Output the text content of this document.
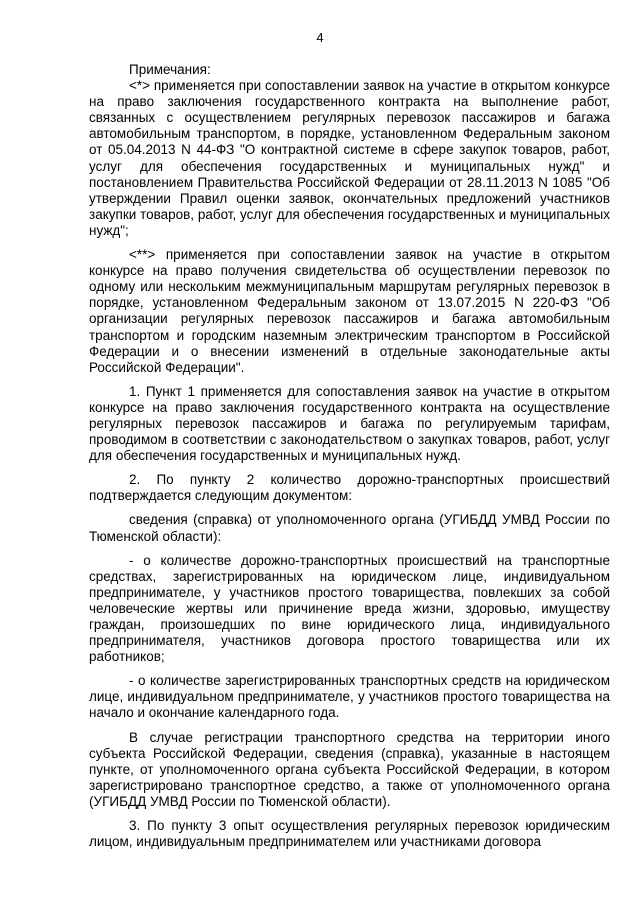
4

Примечания:

<*> применяется при сопоставлении заявок на участие в открытом конкурсе на право заключения государственного контракта на выполнение работ, связанных с осуществлением регулярных перевозок пассажиров и багажа автомобильным транспортом, в порядке, установленном Федеральным законом от 05.04.2013 N 44-ФЗ "О контрактной системе в сфере закупок товаров, работ, услуг для обеспечения государственных и муниципальных нужд" и постановлением Правительства Российской Федерации от 28.11.2013 N 1085 "Об утверждении Правил оценки заявок, окончательных предложений участников закупки товаров, работ, услуг для обеспечения государственных и муниципальных нужд";

<**> применяется при сопоставлении заявок на участие в открытом конкурсе на право получения свидетельства об осуществлении перевозок по одному или нескольким межмуниципальным маршрутам регулярных перевозок в порядке, установленном Федеральным законом от 13.07.2015 N 220-ФЗ "Об организации регулярных перевозок пассажиров и багажа автомобильным транспортом и городским наземным электрическим транспортом в Российской Федерации и о внесении изменений в отдельные законодательные акты Российской Федерации".

1. Пункт 1 применяется для сопоставления заявок на участие в открытом конкурсе на право заключения государственного контракта на осуществление регулярных перевозок пассажиров и багажа по регулируемым тарифам, проводимом в соответствии с законодательством о закупках товаров, работ, услуг для обеспечения государственных и муниципальных нужд.

2. По пункту 2 количество дорожно-транспортных происшествий подтверждается следующим документом:

сведения (справка) от уполномоченного органа (УГИБДД УМВД России по Тюменской области):

- о количестве дорожно-транспортных происшествий на транспортные средствах, зарегистрированных на юридическом лице, индивидуальном предпринимателе, у участников простого товарищества, повлекших за собой человеческие жертвы или причинение вреда жизни, здоровью, имуществу граждан, произошедших по вине юридического лица, индивидуального предпринимателя, участников договора простого товарищества или их работников;

- о количестве зарегистрированных транспортных средств на юридическом лице, индивидуальном предпринимателе, у участников простого товарищества на начало и окончание календарного года.

В случае регистрации транспортного средства на территории иного субъекта Российской Федерации, сведения (справка), указанные в настоящем пункте, от уполномоченного органа субъекта Российской Федерации, в котором зарегистрировано транспортное средство, а также от уполномоченного органа (УГИБДД УМВД России по Тюменской области).

3. По пункту 3 опыт осуществления регулярных перевозок юридическим лицом, индивидуальным предпринимателем или участниками договора
